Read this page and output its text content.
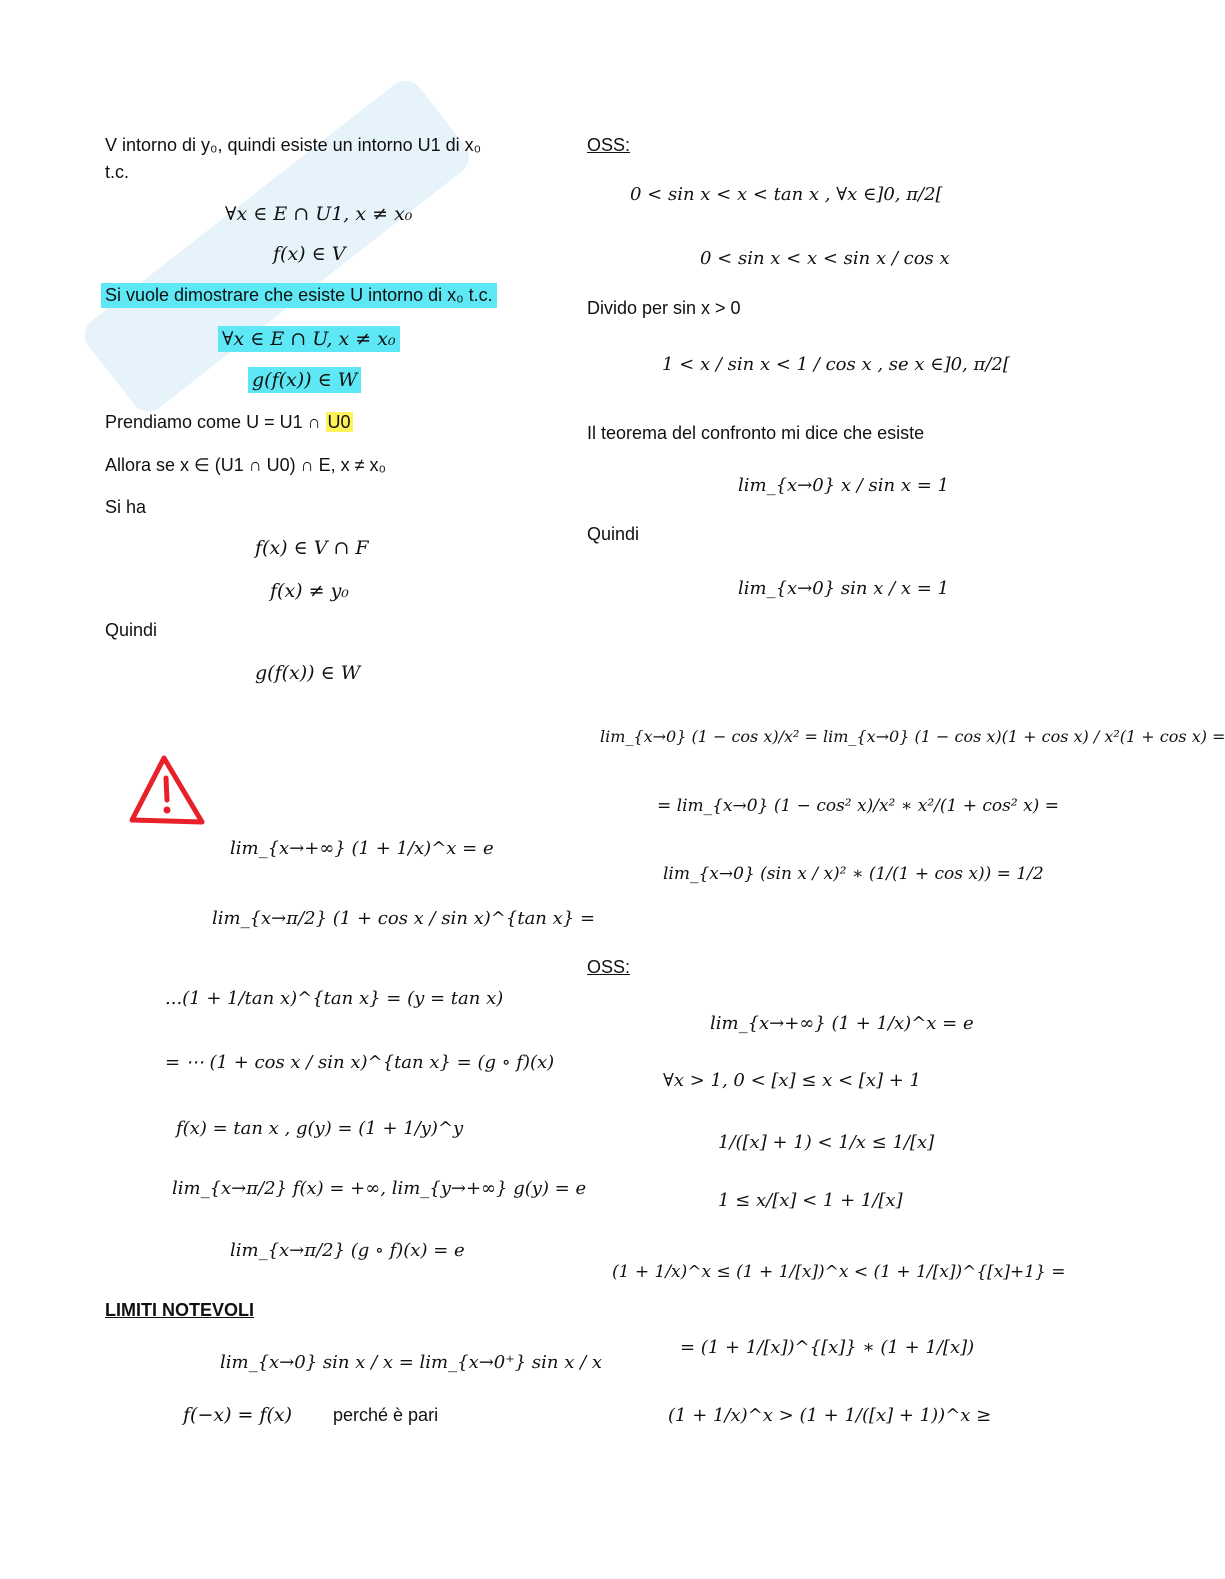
V intorno di y₀, quindi esiste un intorno U1 di x₀
t.c.
∀x ∈ E ∩ U1, x ≠ x₀
f(x) ∈ V
Si vuole dimostrare che esiste U intorno di x₀ t.c.
∀x ∈ E ∩ U, x ≠ x₀
g(f(x)) ∈ W
Prendiamo come U = U1 ∩ U0
Allora se x ∈ (U1 ∩ U0) ∩ E, x ≠ x₀
Si ha
f(x) ∈ V ∩ F
f(x) ≠ y₀
Quindi
g(f(x)) ∈ W
lim_{x→+∞} (1 + 1/x)^x = e
lim_{x→π/2} (1 + cos x / sin x)^{tan x} =
...(1 + 1/tan x)^{tan x} = (y = tan x)
= ⋯ (1 + cos x / sin x)^{tan x} = (g ∘ f)(x)
f(x) = tan x , g(y) = (1 + 1/y)^y
lim_{x→π/2} f(x) = +∞, lim_{y→+∞} g(y) = e
lim_{x→π/2} (g ∘ f)(x) = e
LIMITI NOTEVOLI
lim_{x→0} sin x / x = lim_{x→0⁺} sin x / x
f(−x) = f(x) perché è pari
OSS:
0 < sin x < x < tan x , ∀x ∈]0, π/2[
0 < sin x < x < sin x / cos x
Divido per sin x > 0
1 < x / sin x < 1 / cos x , se x ∈]0, π/2[
Il teorema del confronto mi dice che esiste
lim_{x→0} x / sin x = 1
Quindi
lim_{x→0} sin x / x = 1
lim_{x→0} (1 − cos x)/x² = lim_{x→0} (1 − cos x)(1 + cos x) / x²(1 + cos x) =
= lim_{x→0} (1 − cos² x)/x² ∗ x²/(1 + cos² x) =
lim_{x→0} (sin x / x)² ∗ (1/(1 + cos x)) = 1/2
OSS:
lim_{x→+∞} (1 + 1/x)^x = e
∀x > 1, 0 < [x] ≤ x < [x] + 1
1/([x] + 1) < 1/x ≤ 1/[x]
1 ≤ x/[x] < 1 + 1/[x]
(1 + 1/x)^x ≤ (1 + 1/[x])^x < (1 + 1/[x])^{[x]+1} =
= (1 + 1/[x])^{[x]} ∗ (1 + 1/[x])
(1 + 1/x)^x > (1 + 1/([x] + 1))^x ≥
